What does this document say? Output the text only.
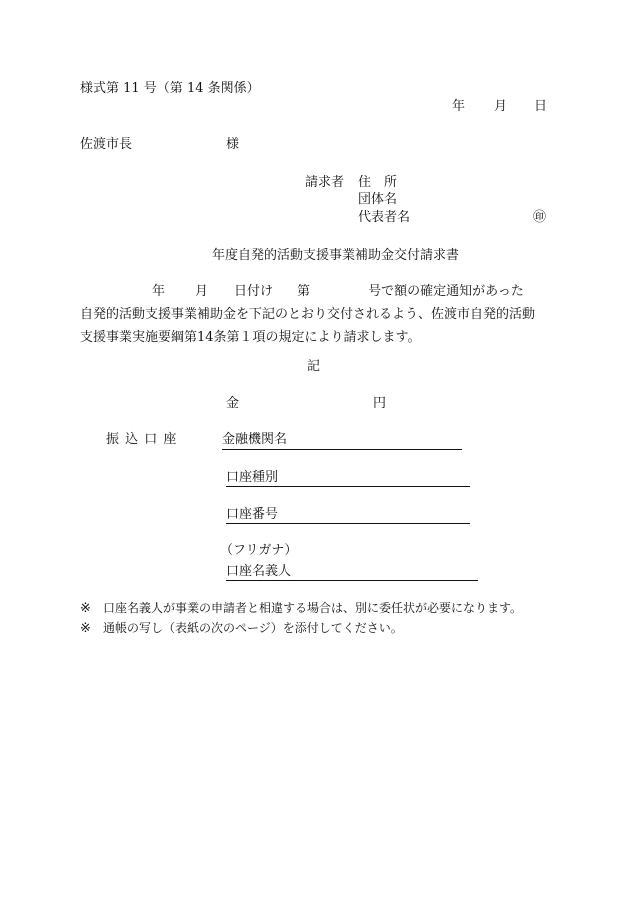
様式第 11 号（第 14 条関係）
年 月 日
佐渡市長	様
請求者 住　所
団体名
代表者名	㊞
年度自発的活動支援事業補助金交付請求書
年 月 日付け 第	号で額の確定通知があった
自発的活動支援事業補助金を下記のとおり交付されるよう、佐渡市自発的活動
支援事業実施要綱第14条第１項の規定により請求します。
記
金	円
振 込 口 座	金融機関名
口座種別
口座番号
（フリガナ）
口座名義人
※ 口座名義人が事業の申請者と相違する場合は、別に委任状が必要になります。
※ 通帳の写し（表紙の次のページ）を添付してください。
